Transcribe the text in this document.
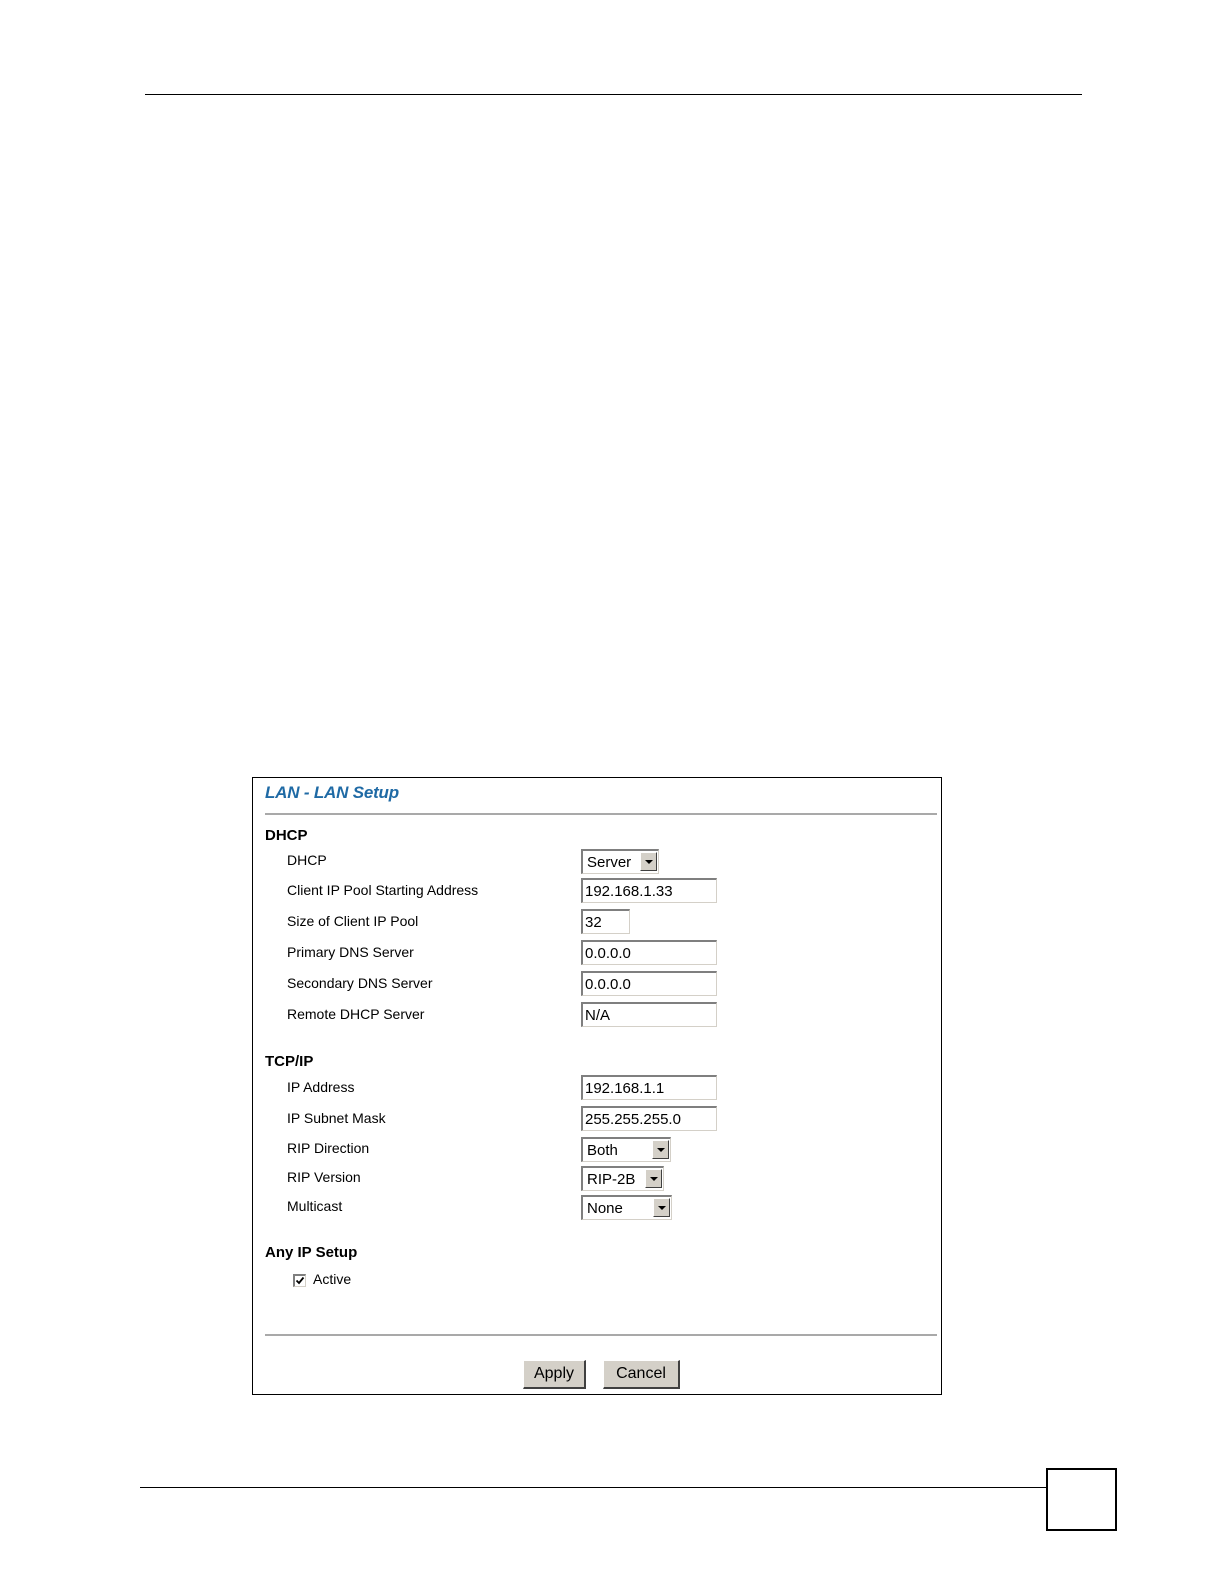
LAN - LAN Setup
DHCP
DHCP	Server
Client IP Pool Starting Address	192.168.1.33
Size of Client IP Pool	32
Primary DNS Server	0.0.0.0
Secondary DNS Server	0.0.0.0
Remote DHCP Server	N/A
TCP/IP
IP Address	192.168.1.1
IP Subnet Mask	255.255.255.0
RIP Direction	Both
RIP Version	RIP-2B
Multicast	None
Any IP Setup
Active
Apply	Cancel
